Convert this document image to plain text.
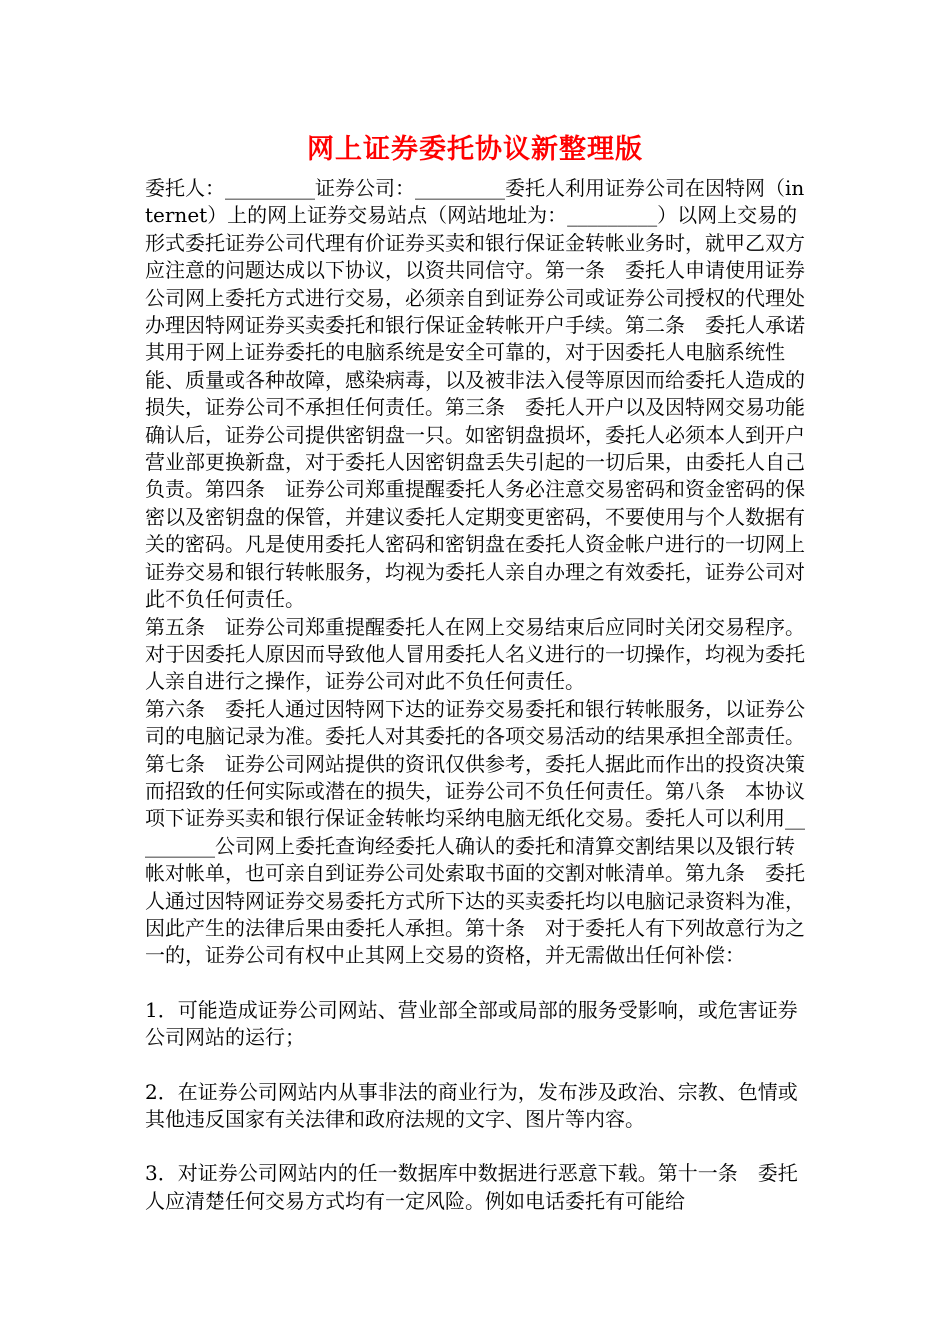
网上证券委托协议新整理版

委托人：_________证券公司：_________委托人利用证券公司在因特网（internet）上的网上证券交易站点（网站地址为：_________）以网上交易的形式委托证券公司代理有价证券买卖和银行保证金转帐业务时，就甲乙双方应注意的问题达成以下协议，以资共同信守。第一条　委托人申请使用证券公司网上委托方式进行交易，必须亲自到证券公司或证券公司授权的代理处办理因特网证券买卖委托和银行保证金转帐开户手续。第二条　委托人承诺其用于网上证券委托的电脑系统是安全可靠的，对于因委托人电脑系统性能、质量或各种故障，感染病毒，以及被非法入侵等原因而给委托人造成的损失，证券公司不承担任何责任。第三条　委托人开户以及因特网交易功能确认后，证券公司提供密钥盘一只。如密钥盘损坏，委托人必须本人到开户营业部更换新盘，对于委托人因密钥盘丢失引起的一切后果，由委托人自己负责。第四条　证券公司郑重提醒委托人务必注意交易密码和资金密码的保密以及密钥盘的保管，并建议委托人定期变更密码，不要使用与个人数据有关的密码。凡是使用委托人密码和密钥盘在委托人资金帐户进行的一切网上证券交易和银行转帐服务，均视为委托人亲自办理之有效委托，证券公司对此不负任何责任。

第五条　证券公司郑重提醒委托人在网上交易结束后应同时关闭交易程序。对于因委托人原因而导致他人冒用委托人名义进行的一切操作，均视为委托人亲自进行之操作，证券公司对此不负任何责任。

第六条　委托人通过因特网下达的证券交易委托和银行转帐服务，以证券公司的电脑记录为准。委托人对其委托的各项交易活动的结果承担全部责任。第七条　证券公司网站提供的资讯仅供参考，委托人据此而作出的投资决策而招致的任何实际或潜在的损失，证券公司不负任何责任。第八条　本协议项下证券买卖和银行保证金转帐均采纳电脑无纸化交易。委托人可以利用_________公司网上委托查询经委托人确认的委托和清算交割结果以及银行转帐对帐单，也可亲自到证券公司处索取书面的交割对帐清单。第九条　委托人通过因特网证券交易委托方式所下达的买卖委托均以电脑记录资料为准，因此产生的法律后果由委托人承担。第十条　对于委托人有下列故意行为之一的，证券公司有权中止其网上交易的资格，并无需做出任何补偿：

1．可能造成证券公司网站、营业部全部或局部的服务受影响，或危害证券公司网站的运行；

2．在证券公司网站内从事非法的商业行为，发布涉及政治、宗教、色情或其他违反国家有关法律和政府法规的文字、图片等内容。

3．对证券公司网站内的任一数据库中数据进行恶意下载。第十一条　委托人应清楚任何交易方式均有一定风险。例如电话委托有可能给
